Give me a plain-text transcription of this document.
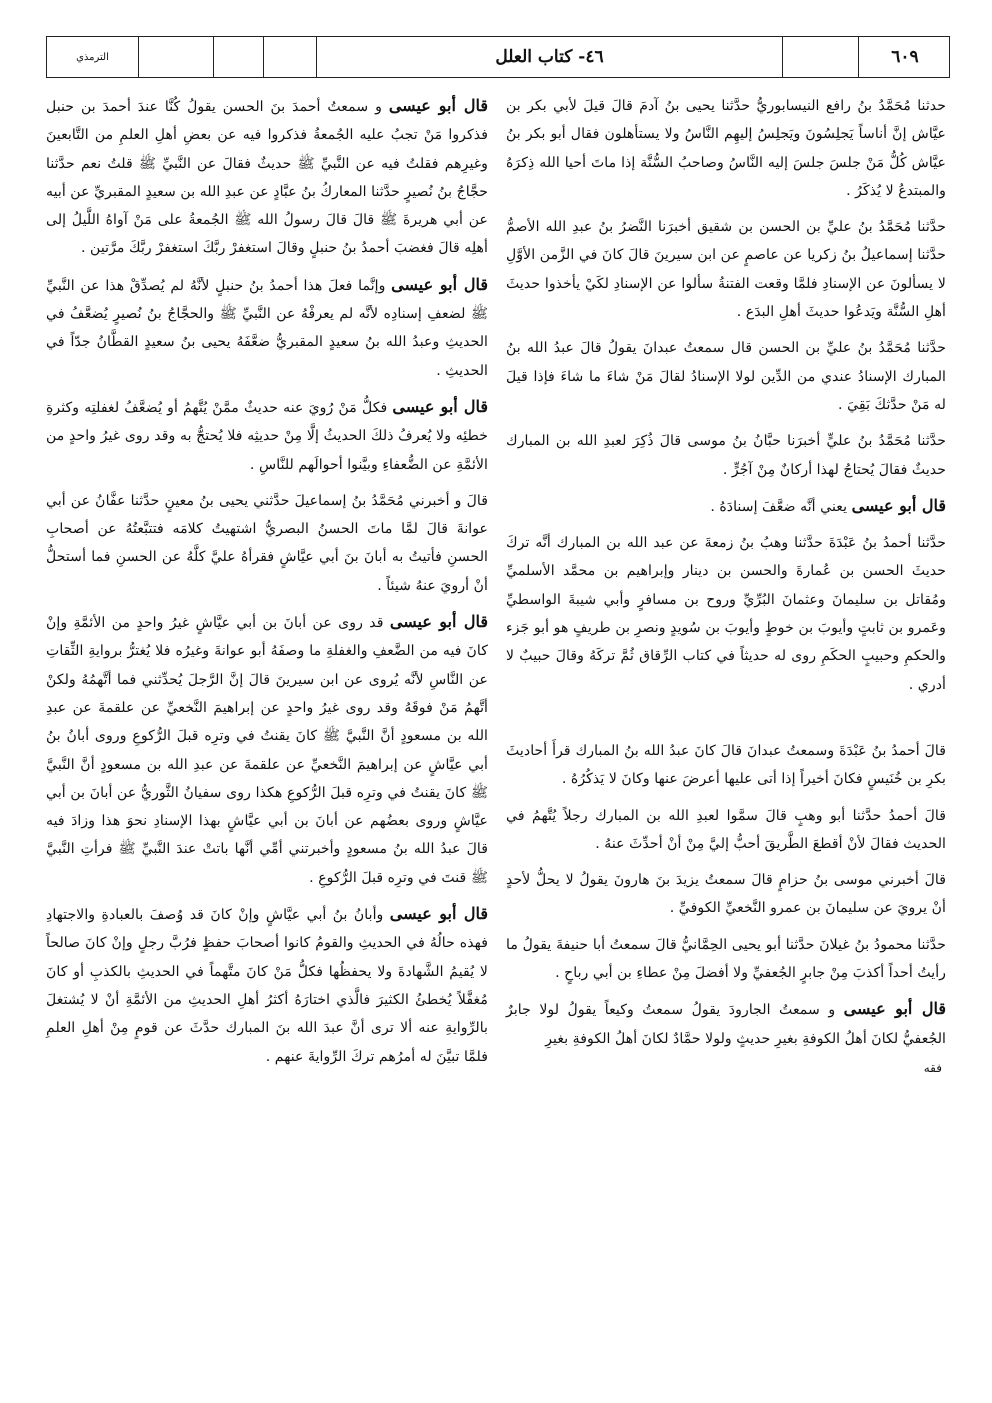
الترمذي	٤٦- كتاب العلل	٦٠٩

حدثنا مُحَمَّدُ بنُ رافع النيسابوريُّ حدَّثنا يحيى بنُ آدمَ قالَ قيلَ لأبي بكر بن عيَّاش إنَّ أناساً يَجلِسُونَ ويَجلِسُ إليهِم النَّاسُ ولا يستأهلون فقال أبو بكر بنُ عيَّاش كُلُّ مَنْ جلسَ جلسَ إليه النَّاسُ وصاحبُ السُّنَّة إذا ماتَ أحيا الله ذِكرَهُ والمبتدعُ لا يُذكَرُ .

حدَّثنا مُحَمَّدُ بنُ عليِّ بن الحسن بن شقيق أخبرَنا النَّضرُ بنُ عبدِ الله الأصمُّ حدَّثنا إسماعيلُ بنُ زكريا عن عاصمٍ عن ابن سيرينَ قالَ كانَ في الزَّمن الأوَّلِ لا يسألونَ عن الإسنادِ فلمَّا وقعت الفتنةُ سألوا عن الإسنادِ لكَيْ يأخذوا حديثَ أهلِ السُّنَّة ويَدعُوا حديثَ أهلِ البدَع .

حدَّثنا مُحَمَّدُ بنُ عليِّ بن الحسن قال سمعتُ عبدانَ يقولُ قالَ عبدُ الله بنُ المبارك الإسنادُ عندي من الدِّين لولا الإسنادُ لقالَ مَنْ شاءَ ما شاءَ فإذا قيلَ له مَنْ حدَّثكَ بَقِيَ .

حدَّثنا مُحَمَّدُ بنُ عليٍّ أخبرَنا حبَّانُ بنُ موسى قالَ ذُكِرَ لعبدِ الله بن المبارك حديثٌ فقالَ يُحتاجُ لهذا أركانٌ مِنْ آجُرٍّ .

قال أبو عيسى يعني أنَّه ضعَّفَ إسنادَهُ .

حدَّثنا أحمدُ بنُ عَبْدَةَ حدَّثنا وهبُ بنُ زمعةَ عن عبد الله بن المبارك أنَّه تركَ حديثَ الحسن بن عُمارةَ والحسن بن دينار وإبراهيم بن محمَّد الأسلميِّ ومُقاتل بن سليمانَ وعثمانَ البُرِّيِّ وروح بن مسافرٍ وأبي شيبةَ الواسطيِّ وعَمرو بن ثابتٍ وأيوبَ بن خوطٍ وأيوبَ بن سُويدٍ ونصرِ بن طريفٍ هو أبو جَزء والحكمِ وحبيبٍ الحكَمِ روى له حديثاً في كتاب الرِّقاق ثُمَّ تركَهُ وقالَ حبيبٌ لا أدري .

قالَ أحمدُ بنُ عَبْدَةَ وسمعتُ عبدانَ قالَ كانَ عبدُ الله بنُ المبارك قرأَ أحاديثَ بكرِ بن خُنَيسٍ فكانَ أخيراً إذا أتى عليها أعرضَ عنها وكانَ لا يَذكُرُهُ .

قالَ أحمدُ حدَّثنا أبو وهبٍ قالَ سمَّوا لعبدِ الله بن المبارك رجلاً يُتَّهمُ في الحديث فقالَ لأنْ أقطعَ الطَّريقَ أحبُّ إليَّ مِنْ أنْ أحدِّثَ عنهُ .

قالَ أخبرني موسى بنُ حزامٍ قالَ سمعتُ يزيدَ بنَ هارونَ يقولُ لا يحلُّ لأحدٍ أنْ يرويَ عن سليمانَ بن عمرو النَّخعيِّ الكوفيِّ .

حدَّثنا محمودُ بنُ غيلانَ حدَّثنا أبو يحيى الحِمَّانيُّ قالَ سمعتُ أبا حنيفةَ يقولُ ما رأيتُ أحداً أكذبَ مِنْ جابرٍ الجُعفيِّ ولا أفضلَ مِنْ عطاءِ بن أبي رباحٍ .

قال أبو عيسى و سمعتُ الجارودَ يقولُ سمعتُ وكيعاً يقولُ لولا جابرٌ الجُعفيُّ لكانَ أهلُ الكوفةِ بغيرِ حديثٍ ولولا حمَّادٌ لكانَ أهلُ الكوفةِ بغيرِ

فقه

قال أبو عيسى و سمعتُ أحمدَ بنَ الحسن يقولُ كُنَّا عندَ أحمدَ بن حنبل فذكروا مَنْ تجبُ عليه الجُمعةُ فذكروا فيه عن بعضِ أهلِ العلمِ من التَّابعينَ وغيرِهم فقلتُ فيه عن النَّبيِّ ﷺ حديثٌ فقالَ عن النَّبيِّ ﷺ قلتُ نعم حدَّثنا حجَّاجُ بنُ نُصيرٍ حدَّثنا المعاركُ بنُ عبَّادٍ عن عبدِ الله بن سعيدٍ المقبريِّ عن أبيه عن أبي هريرةَ ﷺ قالَ قالَ رسولُ الله ﷺ الجُمعةُ على مَنْ آواهُ اللَّيلُ إلى أهلِه قالَ فغضبَ أحمدُ بنُ حنبلٍ وقالَ استغفرْ ربَّكَ استغفرْ ربَّكَ مرَّتين .

قال أبو عيسى وإنَّما فعلَ هذا أحمدُ بنُ حنبلٍ لأنَّهُ لم يُصدِّقْ هذا عن النَّبيِّ ﷺ لضعفِ إسنادِه لأنَّه لم يعرفْهُ عن النَّبيِّ ﷺ والحجَّاجُ بنُ نُصيرٍ يُضعَّفُ في الحديثِ وعبدُ الله بنُ سعيدٍ المقبريُّ ضعَّفَهُ يحيى بنُ سعيدٍ القطَّانُ جدّاً في الحديثِ .

قال أبو عيسى فكلُّ مَنْ رُويَ عنه حديثٌ ممَّنْ يُتَّهمُ أو يُضعَّفُ لغفلتِه وكثرةِ خطئِه ولا يُعرفُ ذلكَ الحديثُ إلَّا مِنْ حديثِه فلا يُحتجُّ به وقد روى غيرُ واحدٍ من الأئمَّةِ عن الضُّعفاءِ وبيَّنوا أحوالَهم للنَّاسِ .

قالَ و أخبرني مُحَمَّدُ بنُ إسماعيلَ حدَّثني يحيى بنُ معينٍ حدَّثنا عفَّانُ عن أبي عوانةَ قالَ لمَّا ماتَ الحسنُ البصريُّ اشتهيتُ كلامَه فتتبَّعتُهُ عن أصحابِ الحسنِ فأتيتُ به أبانَ بنَ أبي عيَّاشٍ فقرأهُ عليَّ كلَّهُ عن الحسنِ فما أستحلُّ أنْ أرويَ عنهُ شيئاً .

قال أبو عيسى قد روى عن أبانَ بن أبي عيَّاشٍ غيرُ واحدٍ من الأئمَّةِ وإنْ كانَ فيه من الضَّعفِ والغفلةِ ما وصفَهُ أبو عوانةَ وغيرُه فلا يُغترُّ بروايةِ الثِّقاتِ عن النَّاسِ لأنَّه يُروى عن ابن سيرينَ قالَ إنَّ الرَّجلَ يُحدِّثني فما أتَّهمُهُ ولكنْ أتَّهمُ مَنْ فوقَهُ وقد روى غيرُ واحدٍ عن إبراهيمَ النَّخعيِّ عن علقمةَ عن عبدِ الله بن مسعودٍ أنَّ النَّبيَّ ﷺ كانَ يقنتُ في وترِه قبلَ الرُّكوعِ وروى أبانُ بنُ أبي عيَّاشٍ عن إبراهيمَ النَّخعيِّ عن علقمةَ عن عبدِ الله بن مسعودٍ أنَّ النَّبيَّ ﷺ كانَ يقنتُ في وترِه قبلَ الرُّكوعِ هكذا روى سفيانُ الثَّوريُّ عن أبانَ بن أبي عيَّاشٍ وروى بعضُهم عن أبانَ بن أبي عيَّاشٍ بهذا الإسنادِ نحوَ هذا وزادَ فيه قالَ عبدُ الله بنُ مسعودٍ وأخبرتني أمِّي أنَّها باتتْ عندَ النَّبيِّ ﷺ فرأتِ النَّبيَّ ﷺ قنتَ في وترِه قبلَ الرُّكوعِ .

قال أبو عيسى وأبانُ بنُ أبي عيَّاشٍ وإنْ كانَ قد وُصفَ بالعبادةِ والاجتهادِ فهذه حالُهُ في الحديثِ والقومُ كانوا أصحابَ حفظٍ فرُبَّ رجلٍ وإنْ كانَ صالحاً لا يُقيمُ الشَّهادةَ ولا يحفظُها فكلُّ مَنْ كانَ متَّهماً في الحديثِ بالكذبِ أو كانَ مُغفَّلاً يُخطئُ الكثيرَ فالَّذي اختارَهُ أكثرُ أهلِ الحديثِ من الأئمَّةِ أنْ لا يُشتغلَ بالرِّوايةِ عنه ألا ترى أنَّ عبدَ الله بنَ المبارك حدَّثَ عن قومٍ مِنْ أهلِ العلمِ فلمَّا تبيَّنَ له أمرُهم تركَ الرِّوايةَ عنهم .
